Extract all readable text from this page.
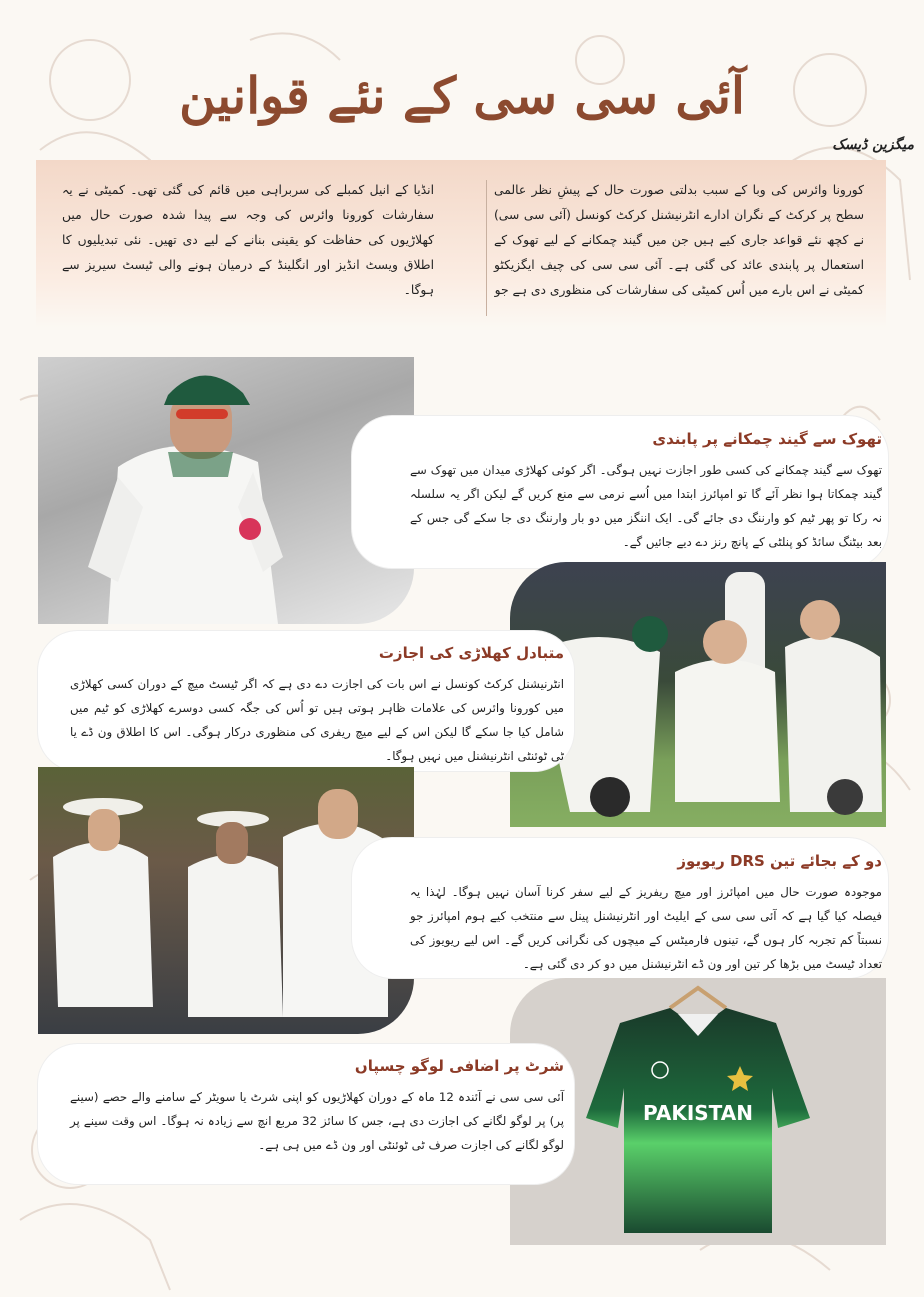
آئی سی سی کے نئے قوانین
میگزین ڈیسک
کورونا وائرس کی وبا کے سبب بدلتی صورت حال کے پیشِ نظر عالمی سطح پر کرکٹ کے نگران ادارے انٹرنیشنل کرکٹ کونسل (آئی سی سی) نے کچھ نئے قواعد جاری کیے ہیں جن میں گیند چمکانے کے لیے تھوک کے استعمال پر پابندی عائد کی گئی ہے۔ آئی سی سی کی چیف ایگزیکٹو کمیٹی نے اس بارے میں اُس کمیٹی کی سفارشات کی منظوری دی ہے جو
انڈیا کے انیل کمبلے کی سربراہی میں قائم کی گئی تھی۔ کمیٹی نے یہ سفارشات کورونا وائرس کی وجہ سے پیدا شدہ صورت حال میں کھلاڑیوں کی حفاظت کو یقینی بنانے کے لیے دی تھیں۔ نئی تبدیلیوں کا اطلاق ویسٹ انڈیز اور انگلینڈ کے درمیان ہونے والی ٹیسٹ سیریز سے ہوگا۔
تھوک سے گیند چمکانے پر پابندی
تھوک سے گیند چمکانے کی کسی طور اجازت نہیں ہوگی۔ اگر کوئی کھلاڑی میدان میں تھوک سے گیند چمکاتا ہوا نظر آئے گا تو امپائرز ابتدا میں اُسے نرمی سے منع کریں گے لیکن اگر یہ سلسلہ نہ رکا تو پھر ٹیم کو وارننگ دی جائے گی۔ ایک اننگز میں دو بار وارننگ دی جا سکے گی جس کے بعد بیٹنگ سائڈ کو پنلٹی کے پانچ رنز دے دیے جائیں گے۔
متبادل کھلاڑی کی اجازت
انٹرنیشنل کرکٹ کونسل نے اس بات کی اجازت دے دی ہے کہ اگر ٹیسٹ میچ کے دوران کسی کھلاڑی میں کورونا وائرس کی علامات ظاہر ہوتی ہیں تو اُس کی جگہ کسی دوسرے کھلاڑی کو ٹیم میں شامل کیا جا سکے گا لیکن اس کے لیے میچ ریفری کی منظوری درکار ہوگی۔ اس کا اطلاق ون ڈے یا ٹی ٹوئنٹی انٹرنیشنل میں نہیں ہوگا۔
دو کے بجائے تین DRS ریویوز
موجودہ صورت حال میں امپائرز اور میچ ریفریز کے لیے سفر کرنا آسان نہیں ہوگا۔ لہٰذا یہ فیصلہ کیا گیا ہے کہ آئی سی سی کے ایلیٹ اور انٹرنیشنل پینل سے منتخب کیے ہوم امپائرز جو نسبتاً کم تجربہ کار ہوں گے، تینوں فارمیٹس کے میچوں کی نگرانی کریں گے۔ اس لیے ریویوز کی تعداد ٹیسٹ میں بڑھا کر تین اور ون ڈے انٹرنیشنل میں دو کر دی گئی ہے۔
PAKISTAN
شرٹ پر اضافی لوگو چسپاں
آئی سی سی نے آئندہ 12 ماہ کے دوران کھلاڑیوں کو اپنی شرٹ یا سویٹر کے سامنے والے حصے (سینے پر) پر لوگو لگانے کی اجازت دی ہے، جس کا سائز 32 مربع انچ سے زیادہ نہ ہوگا۔ اس وقت سینے پر لوگو لگانے کی اجازت صرف ٹی ٹوئنٹی اور ون ڈے میں ہی ہے۔
